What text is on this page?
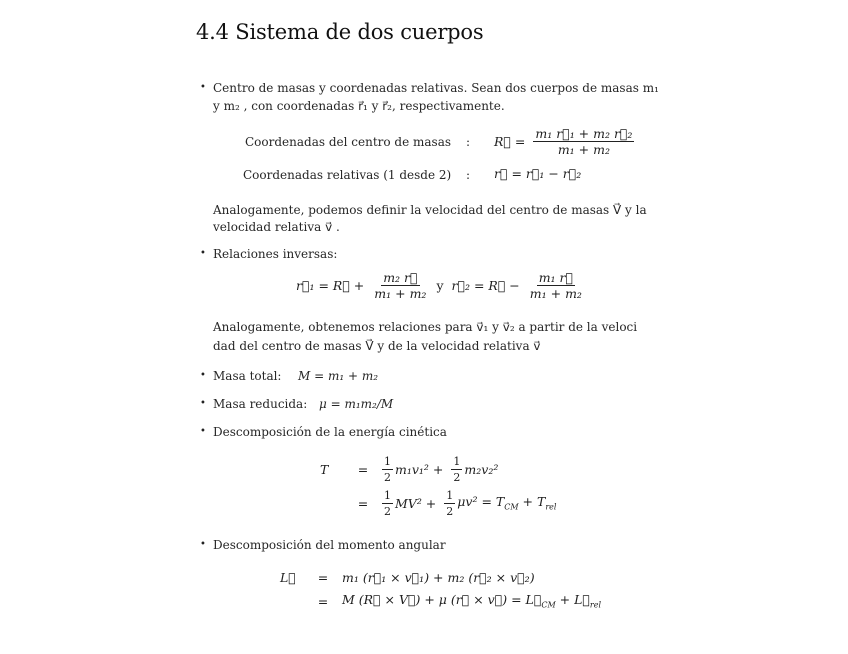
4.4 Sistema de dos cuerpos
• Centro de masas y coordenadas relativas. Sean dos cuerpos de masas m₁
y m₂ , con coordenadas r⃗₁ y r⃗₂, respectivamente.
Coordenadas del centro de masas : R⃗ = $\frac{\text{m₁ r⃗₁ + m₂ r⃗₂}}{\text{m₁ + m₂}}$
Coordenadas relativas (1 desde 2) : r⃗ = r⃗₁ − r⃗₂
Analogamente, podemos definir la velocidad del centro de masas V⃗ y la
velocidad relativa v⃗ .
• Relaciones inversas:
r⃗₁ = R⃗ + $\frac{\text{m₂ r⃗}}{\text{m₁ + m₂}}$ y r⃗₂ = R⃗ − $\frac{\text{m₁ r⃗}}{\text{m₁ + m₂}}$
Analogamente, obtenemos relaciones para v⃗₁ y v⃗₂ a partir de la veloci
dad del centro de masas V⃗ y de la velocidad relativa v⃗
• Masa total: M = m₁ + m₂
• Masa reducida: μ = m₁m₂/M
• Descomposición de la energía cinética
T	=	$\frac{1}{2} m_1v_1^2 + \frac{1}{2} m_2v_2^2$
=	$\frac{1}{2} MV^2 + \frac{1}{2} \mu v^2 = T_{CM} + T_{rel}$
• Descomposición del momento angular
L⃗	=	m₁ (r⃗₁ × v⃗₁) + m₂ (r⃗₂ × v⃗₂)
=	M (R⃗ × V⃗) + μ (r⃗ × v⃗) = $L⃗_{CM}$ + $L⃗_{rel}$
